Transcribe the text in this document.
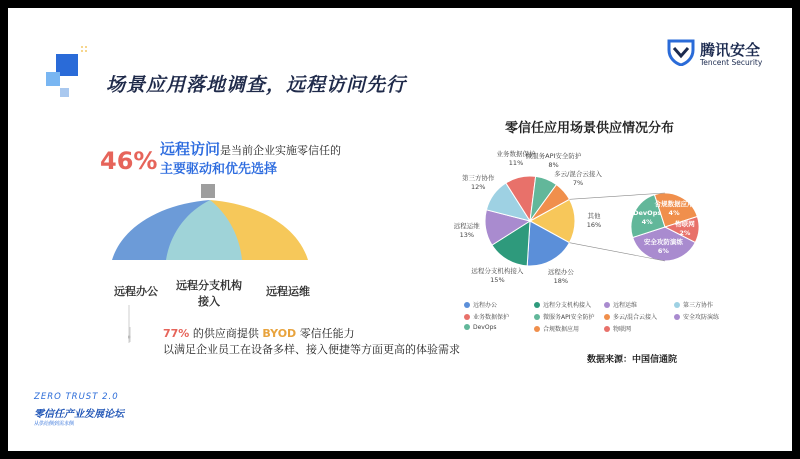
场景应用落地调查，远程访问先行
腾讯安全
Tencent Security
46% 远程访问是当前企业实施零信任的
主要驱动和优先选择
远程办公	远程分支机构接入
远程运维
77% 的供应商提供 BYOD 零信任能力
以满足企业员工在设备多样、接入便捷等方面更高的体验需求
零信任应用场景供应情况分布
其他
16%
远程办公
18%
远程分支机构接入
15%
远程运维
13%
第三方协作
12%
业务数据保护
11%
微服务API安全防护
8%
多云/混合云接入
7%
安全攻防演练
6%
DevOps
4%
合规数据应用
4%
物联网
2%
远程办公	远程分支机构接入	远程运维	第三方协作
业务数据保护	微服务API安全防护	多云/混合云接入	安全攻防演练
DevOps	合规数据应用	物联网
数据来源：中国信通院
ZERO TRUST 2.0
零信任产业发展论坛
从供给侧到需求侧
